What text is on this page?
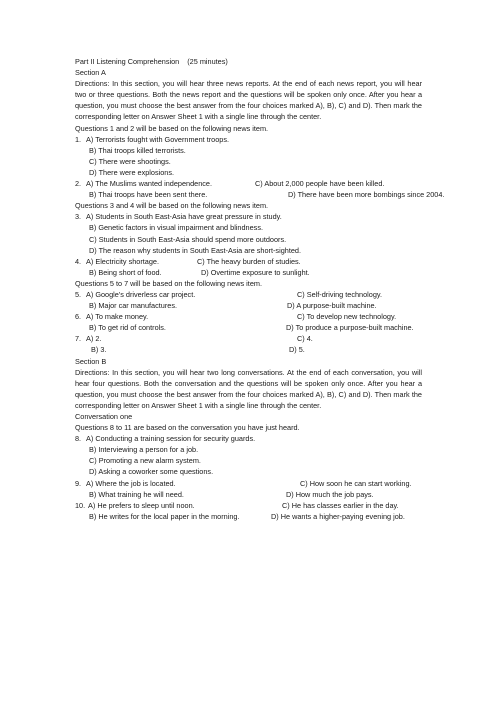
Part II Listening Comprehension (25 minutes)
Section A

Directions: In this section, you will hear three news reports. At the end of each news report, you will hear two or three questions. Both the news report and the questions will be spoken only once. After you hear a question, you must choose the best answer from the four choices marked A), B), C) and D). Then mark the corresponding letter on Answer Sheet 1 with a single line through the center.

Questions 1 and 2 will be based on the following news item.
1. A) Terrorists fought with Government troops.
B) Thai troops killed terrorists.
C) There were shootings.
D) There were explosions.
2. A) The Muslims wanted independence.	C) About 2,000 people have been killed.
B) Thai troops have been sent there.	D) There have been more bombings since 2004.
Questions 3 and 4 will be based on the following news item.
3. A) Students in South East-Asia have great pressure in study.
B) Genetic factors in visual impairment and blindness.
C) Students in South East-Asia should spend more outdoors.
D) The reason why students in South East-Asia are short-sighted.
4. A) Electricity shortage.	C) The heavy burden of studies.
B) Being short of food.	D) Overtime exposure to sunlight.
Questions 5 to 7 will be based on the following news item.
5. A) Google's driverless car project.	C) Self-driving technology.
B) Major car manufactures.	D) A purpose-built machine.
6. A) To make money.	C) To develop new technology.
B) To get rid of controls.	D) To produce a purpose-built machine.
7. A) 2.	C) 4.
B) 3.	D) 5.
Section B

Directions: In this section, you will hear two long conversations. At the end of each conversation, you will hear four questions. Both the conversation and the questions will be spoken only once. After you hear a question, you must choose the best answer from the four choices marked A), B), C) and D). Then mark the corresponding letter on Answer Sheet 1 with a single line through the center.

Conversation one
Questions 8 to 11 are based on the conversation you have just heard.
8. A) Conducting a training session for security guards.
B) Interviewing a person for a job.
C) Promoting a new alarm system.
D) Asking a coworker some questions.
9. A) Where the job is located.	C) How soon he can start working.
B) What training he will need.	D) How much the job pays.
10. A) He prefers to sleep until noon.	C) He has classes earlier in the day.
B) He writes for the local paper in the morning.	D) He wants a higher-paying evening job.
